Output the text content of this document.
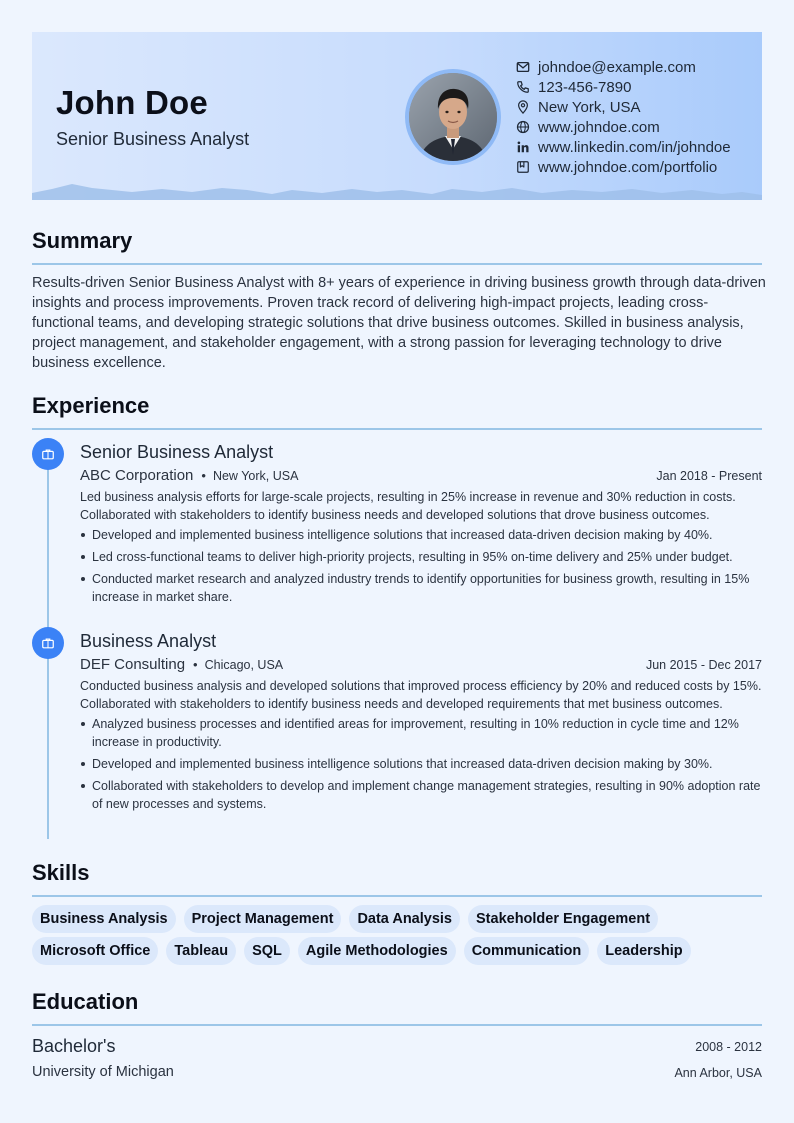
John Doe
Senior Business Analyst
johndoe@example.com
123-456-7890
New York, USA
www.johndoe.com
www.linkedin.com/in/johndoe
www.johndoe.com/portfolio
Summary
Results-driven Senior Business Analyst with 8+ years of experience in driving business growth through data-driven insights and process improvements. Proven track record of delivering high-impact projects, leading cross-functional teams, and developing strategic solutions that drive business outcomes. Skilled in business analysis, project management, and stakeholder engagement, with a strong passion for leveraging technology to drive business excellence.
Experience
Senior Business Analyst
ABC Corporation • New York, USA	Jan 2018 - Present
Led business analysis efforts for large-scale projects, resulting in 25% increase in revenue and 30% reduction in costs. Collaborated with stakeholders to identify business needs and developed solutions that drove business outcomes.
Developed and implemented business intelligence solutions that increased data-driven decision making by 40%.
Led cross-functional teams to deliver high-priority projects, resulting in 95% on-time delivery and 25% under budget.
Conducted market research and analyzed industry trends to identify opportunities for business growth, resulting in 15% increase in market share.
Business Analyst
DEF Consulting • Chicago, USA	Jun 2015 - Dec 2017
Conducted business analysis and developed solutions that improved process efficiency by 20% and reduced costs by 15%. Collaborated with stakeholders to identify business needs and developed requirements that met business outcomes.
Analyzed business processes and identified areas for improvement, resulting in 10% reduction in cycle time and 12% increase in productivity.
Developed and implemented business intelligence solutions that increased data-driven decision making by 30%.
Collaborated with stakeholders to develop and implement change management strategies, resulting in 90% adoption rate of new processes and systems.
Skills
Business Analysis	Project Management	Data Analysis	Stakeholder Engagement
Microsoft Office	Tableau	SQL	Agile Methodologies	Communication	Leadership
Education
Bachelor's	2008 - 2012
University of Michigan	Ann Arbor, USA
